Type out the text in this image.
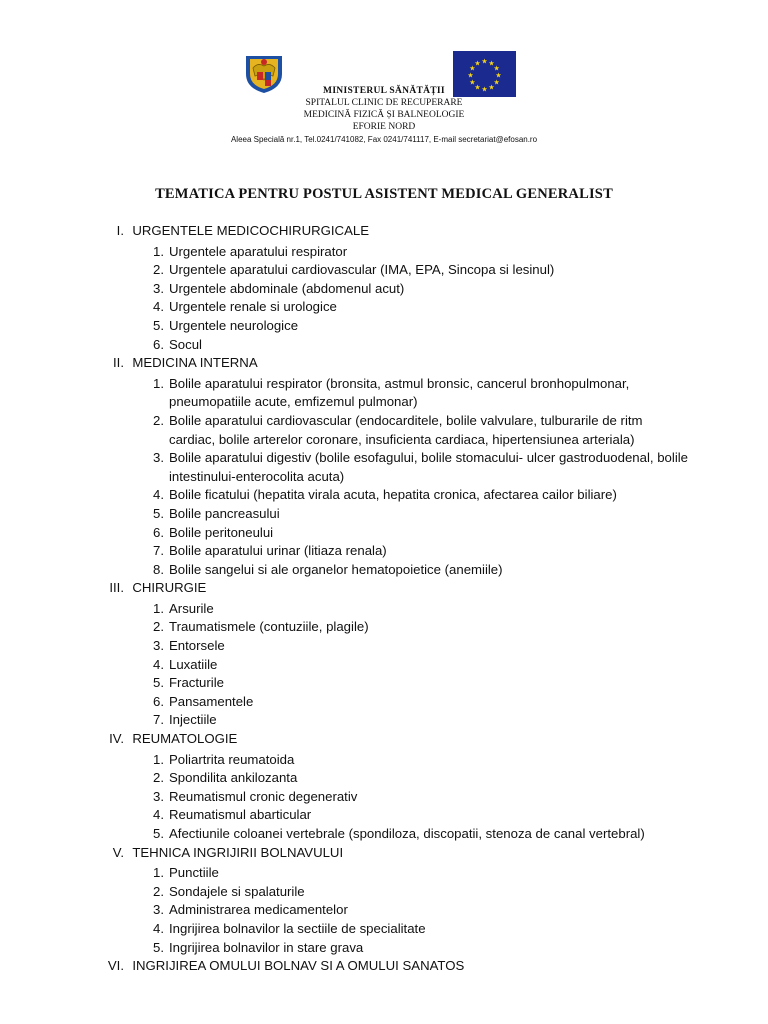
★ ★
★
★
★
★
★
★
★
★
★
★
MINISTERUL SĂNĂTĂȚII
SPITALUL CLINIC DE RECUPERARE
MEDICINĂ FIZICĂ ȘI BALNEOLOGIE
EFORIE NORD
Aleea Specială nr.1, Tel.0241/741082, Fax 0241/741117, E-mail secretariat@efosan.ro
TEMATICA PENTRU POSTUL ASISTENT MEDICAL GENERALIST
I.
URGENTELE MEDICOCHIRURGICALE
1. Urgentele aparatului respirator
2. Urgentele aparatului cardiovascular (IMA, EPA, Sincopa si lesinul)
3. Urgentele abdominale (abdomenul acut)
4. Urgentele renale si urologice
5. Urgentele neurologice
6. Socul
II.
MEDICINA INTERNA
1. Bolile aparatului respirator (bronsita, astmul bronsic, cancerul bronhopulmonar, pneumopatiile acute, emfizemul pulmonar)
2. Bolile aparatului cardiovascular (endocarditele, bolile valvulare, tulburarile de ritm cardiac, bolile arterelor coronare, insuficienta cardiaca, hipertensiunea arteriala)
3. Bolile aparatului digestiv (bolile esofagului, bolile stomacului- ulcer gastroduodenal, bolile intestinului-enterocolita acuta)
4. Bolile ficatului (hepatita virala acuta, hepatita cronica, afectarea cailor biliare)
5. Bolile pancreasului
6. Bolile peritoneului
7. Bolile aparatului urinar (litiaza renala)
8. Bolile sangelui si ale organelor hematopoietice (anemiile)
III.
CHIRURGIE
1. Arsurile
2. Traumatismele (contuziile, plagile)
3. Entorsele
4. Luxatiile
5. Fracturile
6. Pansamentele
7. Injectiile
IV.
REUMATOLOGIE
1. Poliartrita reumatoida
2. Spondilita ankilozanta
3. Reumatismul cronic degenerativ
4. Reumatismul abarticular
5. Afectiunile coloanei vertebrale (spondiloza, discopatii, stenoza de canal vertebral)
V.
TEHNICA INGRIJIRII BOLNAVULUI
1. Punctiile
2. Sondajele si spalaturile
3. Administrarea medicamentelor
4. Ingrijirea bolnavilor la sectiile de specialitate
5. Ingrijirea bolnavilor in stare grava
VI.
INGRIJIREA OMULUI BOLNAV SI A OMULUI SANATOS
